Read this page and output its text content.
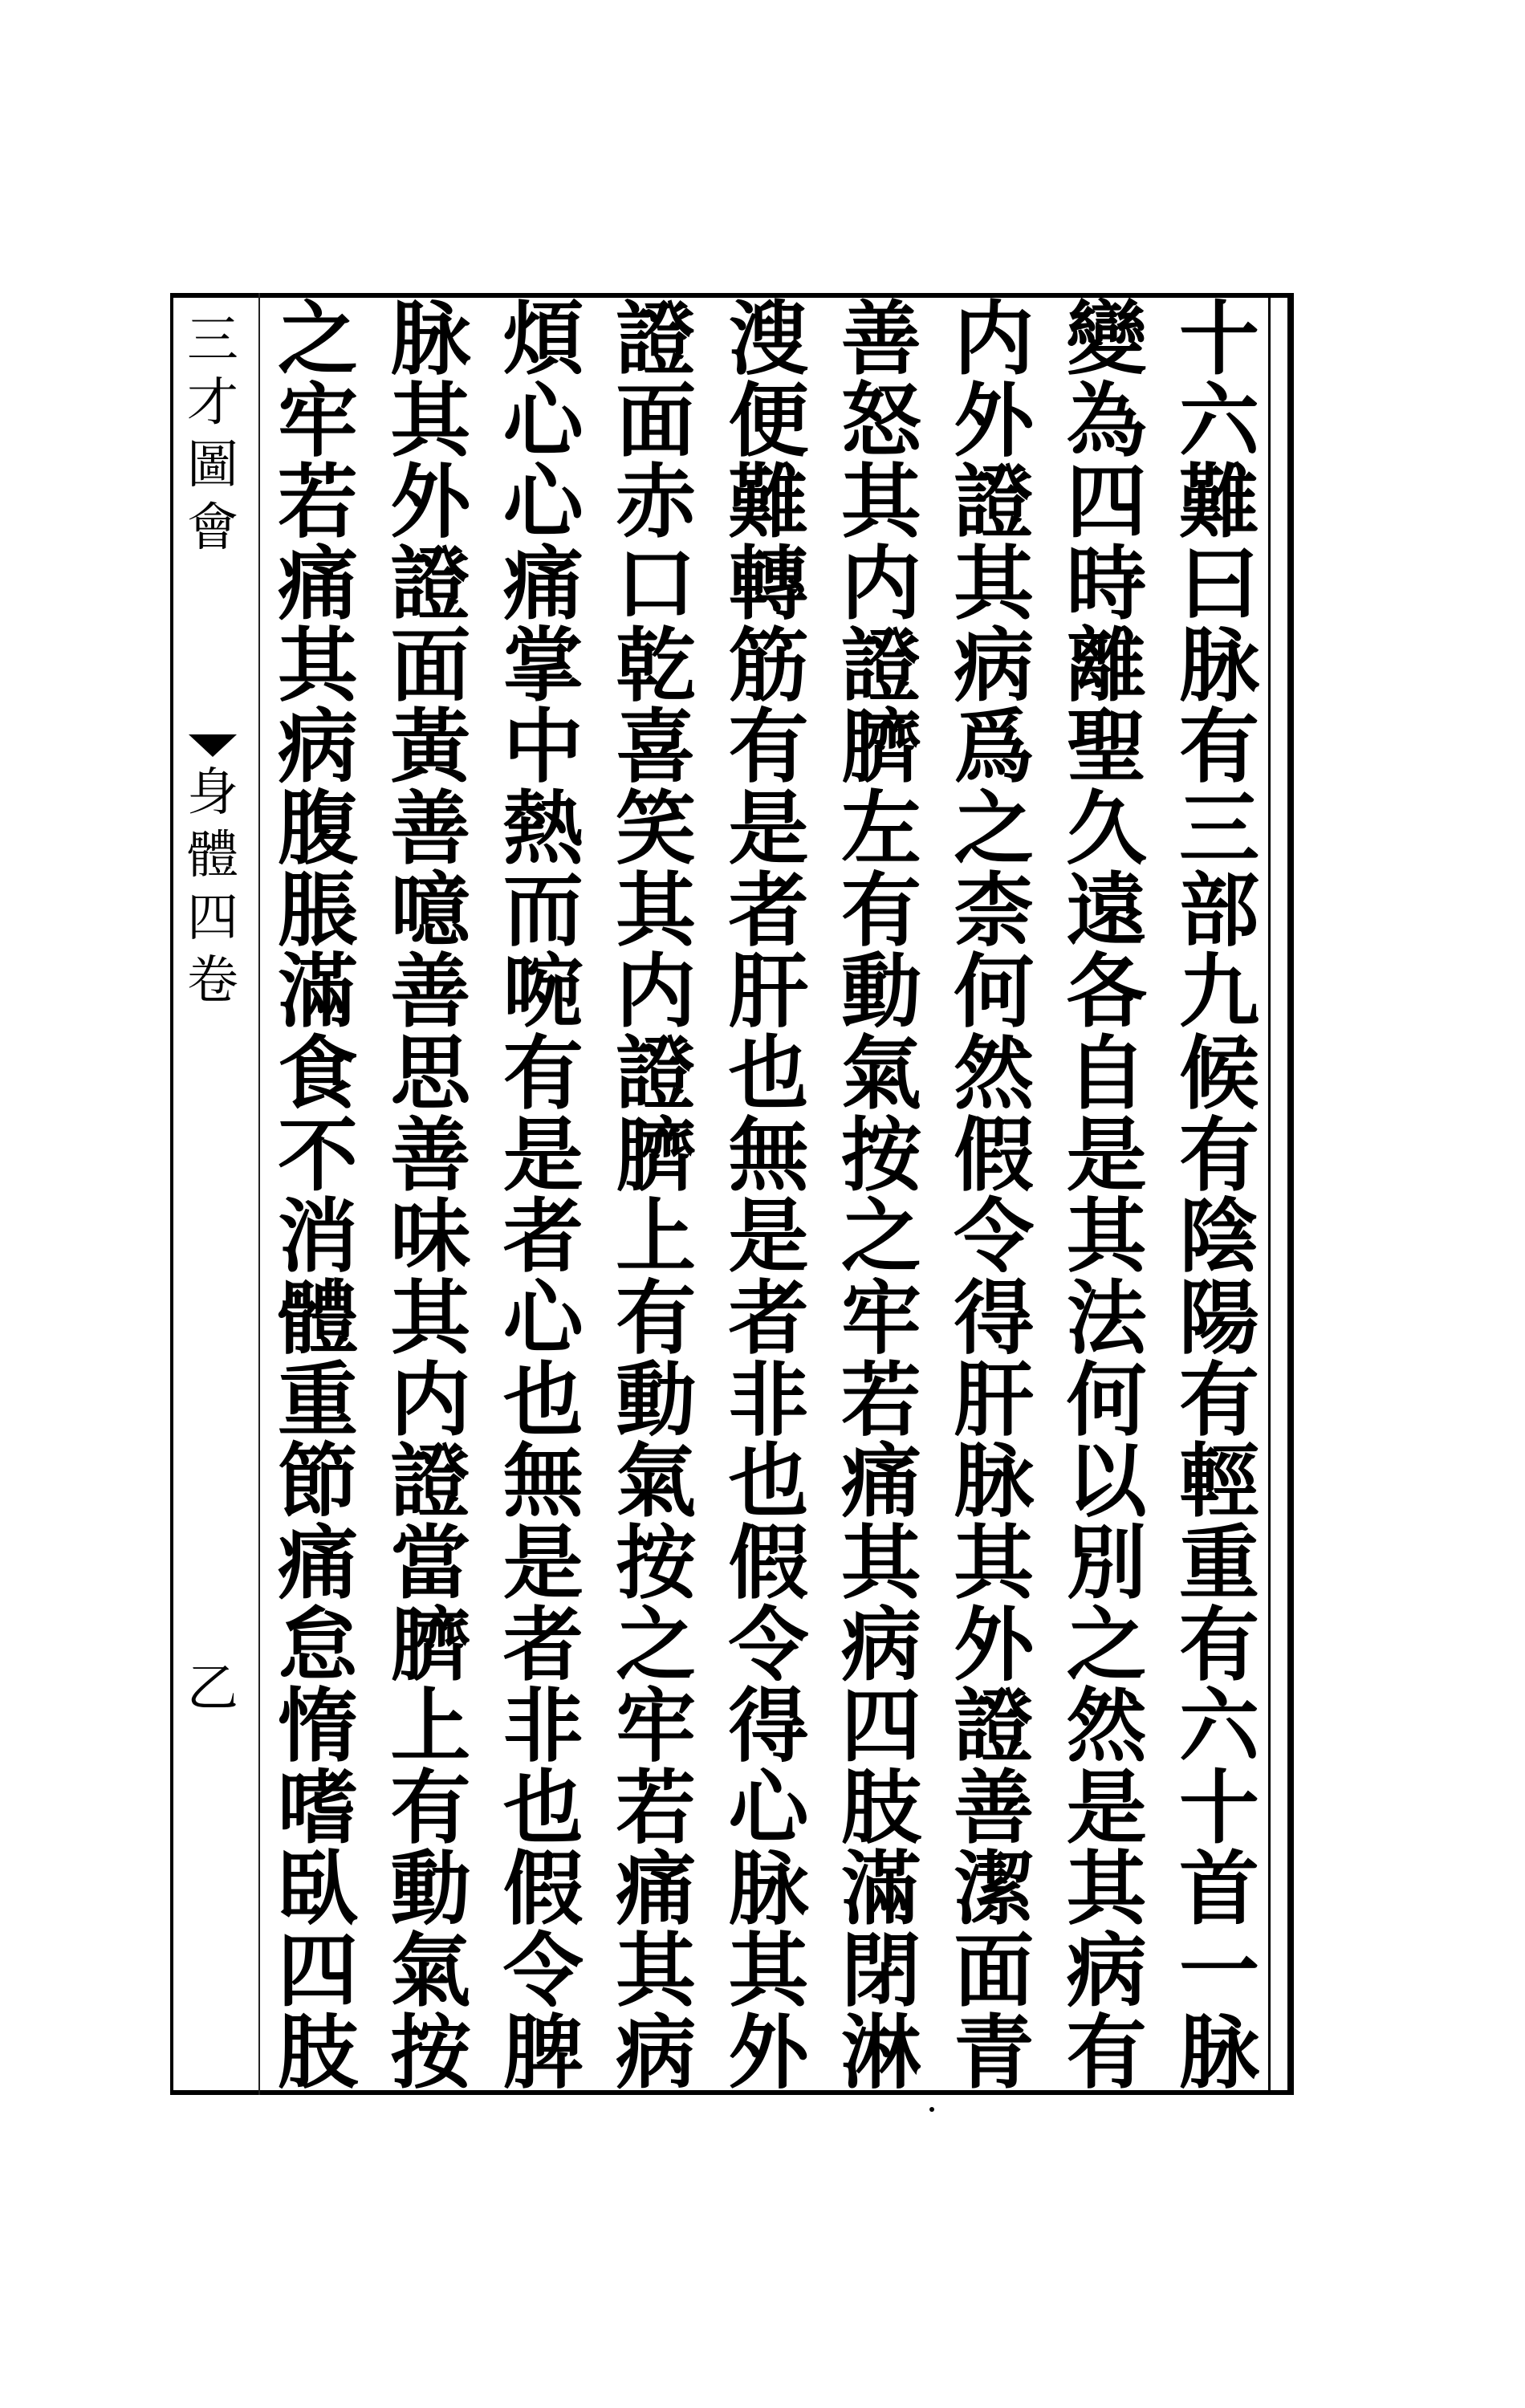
十
六
難
曰
脉
有
三
部
九
候
有
陰
陽
有
輕
重
有
六
十
首
一
脉
變
為
四
時
離
聖
久
遠
各
自
是
其
法
何
以
別
之
然
是
其
病
有
内
外
證
其
病
爲
之
柰
何
然
假
令
得
肝
脉
其
外
證
善
潔
面
青
善
怒
其
内
證
臍
左
有
動
氣
按
之
牢
若
痛
其
病
四
肢
滿
閉
淋
溲
便
難
轉
筋
有
是
者
肝
也
無
是
者
非
也
假
令
得
心
脉
其
外
證
面
赤
口
乾
喜
笑
其
内
證
臍
上
有
動
氣
按
之
牢
若
痛
其
病
煩
心
心
痛
掌
中
熱
而
啘
有
是
者
心
也
無
是
者
非
也
假
令
脾
脉
其
外
證
面
黃
善
噫
善
思
善
味
其
内
證
當
臍
上
有
動
氣
按
之
牢
若
痛
其
病
腹
脹
滿
食
不
消
體
重
節
痛
怠
惰
嗜
臥
四
肢
三
才
圖
會
身
體
四
卷
乙
